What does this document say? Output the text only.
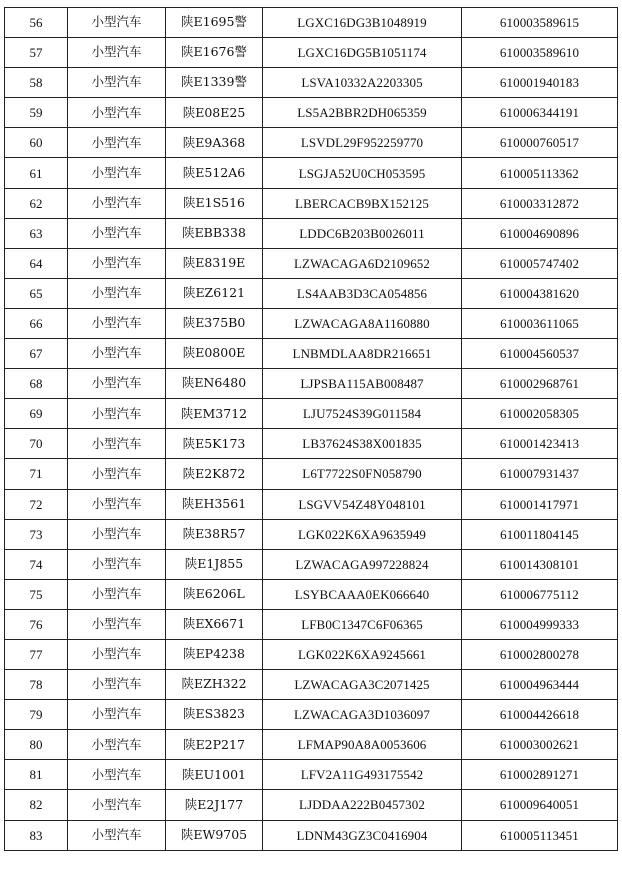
56	小型汽车	陕E1695警	LGXC16DG3B1048919	610003589615
57	小型汽车	陕E1676警	LGXC16DG5B1051174	610003589610
58	小型汽车	陕E1339警	LSVA10332A2203305	610001940183
59	小型汽车	陕E08E25	LS5A2BBR2DH065359	610006344191
60	小型汽车	陕E9A368	LSVDL29F952259770	610000760517
61	小型汽车	陕E512A6	LSGJA52U0CH053595	610005113362
62	小型汽车	陕E1S516	LBERCACB9BX152125	610003312872
63	小型汽车	陕EBB338	LDDC6B203B0026011	610004690896
64	小型汽车	陕E8319E	LZWACAGA6D2109652	610005747402
65	小型汽车	陕EZ6121	LS4AAB3D3CA054856	610004381620
66	小型汽车	陕E375B0	LZWACAGA8A1160880	610003611065
67	小型汽车	陕E0800E	LNBMDLAA8DR216651	610004560537
68	小型汽车	陕EN6480	LJPSBA115AB008487	610002968761
69	小型汽车	陕EM3712	LJU7524S39G011584	610002058305
70	小型汽车	陕E5K173	LB37624S38X001835	610001423413
71	小型汽车	陕E2K872	L6T7722S0FN058790	610007931437
72	小型汽车	陕EH3561	LSGVV54Z48Y048101	610001417971
73	小型汽车	陕E38R57	LGK022K6XA9635949	610011804145
74	小型汽车	陕E1J855	LZWACAGA997228824	610014308101
75	小型汽车	陕E6206L	LSYBCAAA0EK066640	610006775112
76	小型汽车	陕EX6671	LFB0C1347C6F06365	610004999333
77	小型汽车	陕EP4238	LGK022K6XA9245661	610002800278
78	小型汽车	陕EZH322	LZWACAGA3C2071425	610004963444
79	小型汽车	陕ES3823	LZWACAGA3D1036097	610004426618
80	小型汽车	陕E2P217	LFMAP90A8A0053606	610003002621
81	小型汽车	陕EU1001	LFV2A11G493175542	610002891271
82	小型汽车	陕E2J177	LJDDAA222B0457302	610009640051
83	小型汽车	陕EW9705	LDNM43GZ3C0416904	610005113451
